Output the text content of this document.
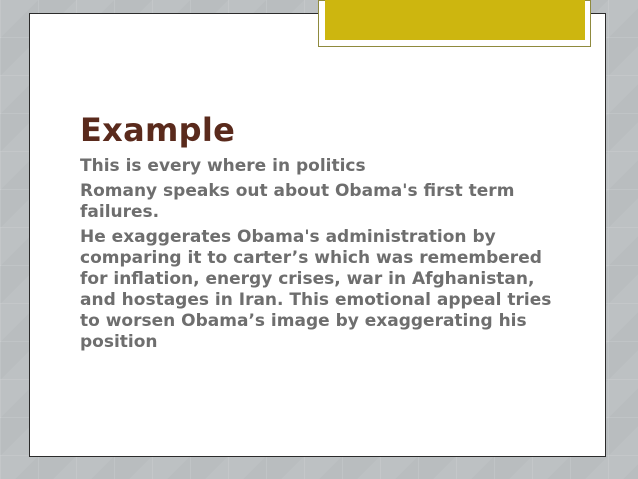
Example
This is every where in politics
Romany speaks out about Obama's first term failures.
He exaggerates Obama's administration by comparing it to carter’s which was remembered for inflation, energy crises, war in Afghanistan, and hostages in Iran. This emotional appeal tries to worsen Obama’s image by exaggerating his position
